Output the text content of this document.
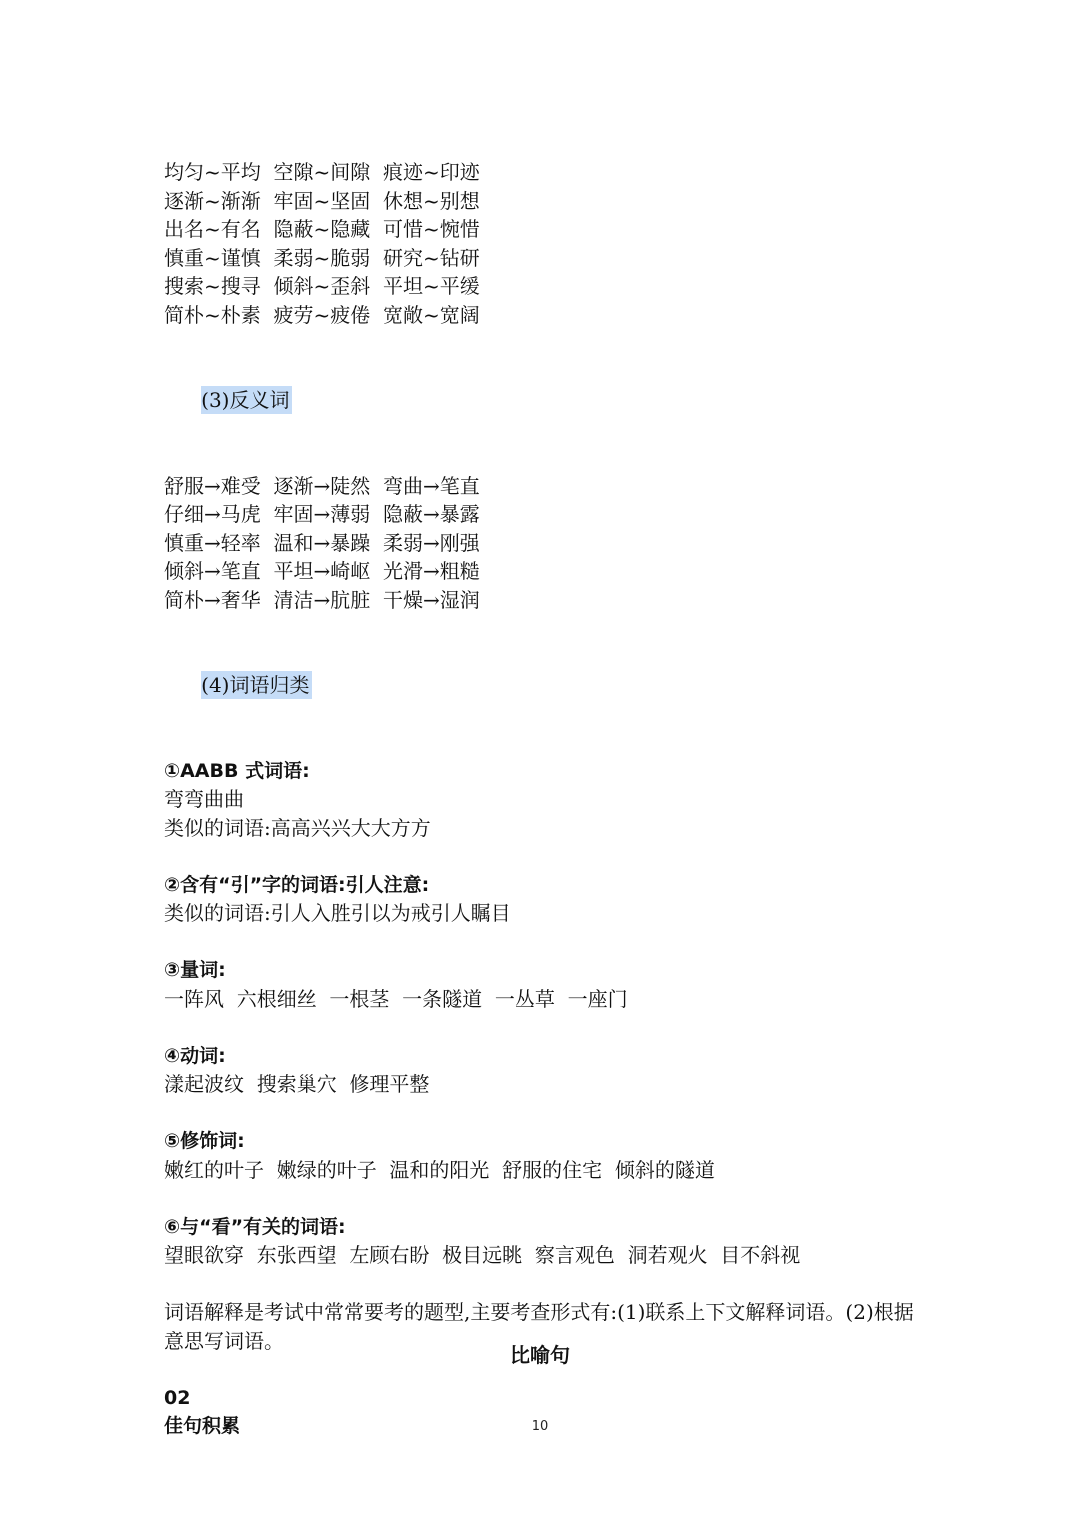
均匀~平均  空隙~间隙  痕迹~印迹
逐渐~渐渐  牢固~坚固  休想~别想
出名~有名  隐蔽~隐藏  可惜~惋惜
慎重~谨慎  柔弱~脆弱  研究~钻研
搜索~搜寻  倾斜~歪斜  平坦~平缓
简朴~朴素  疲劳~疲倦  宽敞~宽阔

(3)反义词

舒服→难受  逐渐→陡然  弯曲→笔直
仔细→马虎  牢固→薄弱  隐蔽→暴露
慎重→轻率  温和→暴躁  柔弱→刚强
倾斜→笔直  平坦→崎岖  光滑→粗糙
简朴→奢华  清洁→肮脏  干燥→湿润

(4)词语归类

①AABB 式词语:
弯弯曲曲
类似的词语:高高兴兴大大方方
②含有“引”字的词语:引人注意:
类似的词语:引人入胜引以为戒引人瞩目
③量词:
一阵风  六根细丝  一根茎  一条隧道  一丛草  一座门
④动词:
漾起波纹  搜索巢穴  修理平整
⑤修饰词:
嫩红的叶子  嫩绿的叶子  温和的阳光  舒服的住宅  倾斜的隧道
⑥与“看”有关的词语:
望眼欲穿  东张西望  左顾右盼  极目远眺  察言观色  洞若观火  目不斜视
词语解释是考试中常常要考的题型,主要考查形式有:(1)联系上下文解释词语。(2)根据意思写词语。
02
佳句积累
比喻句
10
